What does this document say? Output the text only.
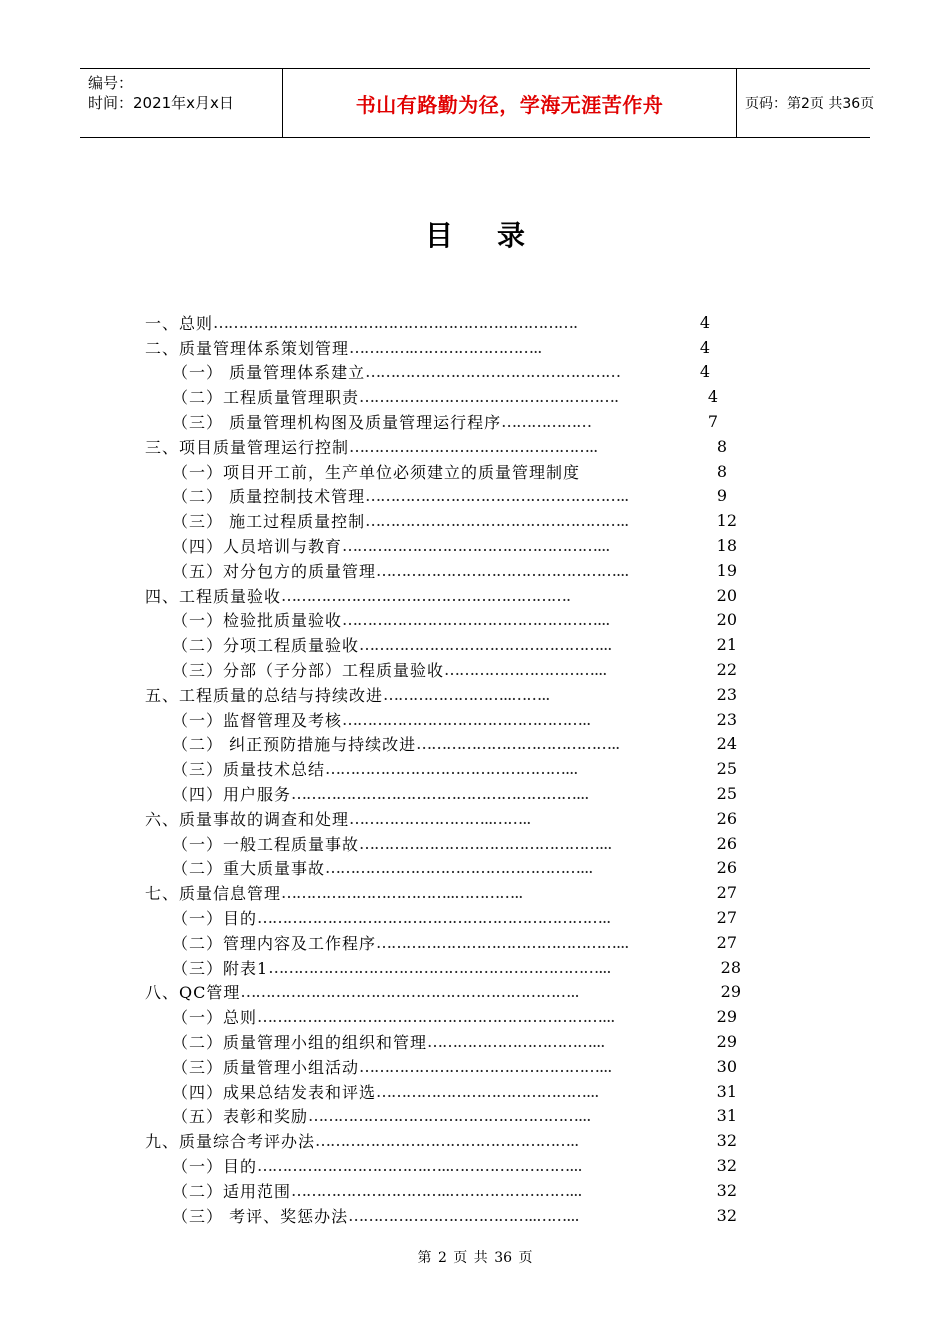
编号：
时间：2021年x月x日	书山有路勤为径，学海无涯苦作舟	页码：第2页 共36页
目 录
一、总则 ……………………………………………………………….	4
二、质量管理体系策划管理 ………….……………………..	4
（一） 质量管理体系建立 ……………………………………………	4
（二）工程质量管理职责 …………………………………………….	4
（三） 质量管理机构图及质量管理运行程序 ………………	7
三、项目质量管理运行控制 …………………………………………..	8
（一）项目开工前，生产单位必须建立的质量管理制度	8
（二） 质量控制技术管理 ……………………………………………..	9
（三） 施工过程质量控制 ……………………………………………..	12
（四）人员培训与教育 ……………………………………………...	18
（五）对分包方的质量管理 …………………………………………...	19
四、工程质量验收 ………………………………………………….	20
（一）检验批质量验收 ……………………………………………...	20
（二）分项工程质量验收 …………………………………………...	21
（三）分部（子分部）工程质量验收 …………………………...	22
五、工程质量的总结与持续改进 ……………………..……..	23
（一）监督管理及考核 …………………………………………..	23
（二） 纠正预防措施与持续改进 …………………………………..	24
（三）质量技术总结 …………………………………………...	25
（四）用户服务 …………………………………………………...	25
六、质量事故的调查和处理 ………………………..……..	26
（一）一般工程质量事故 …………………………………………...	26
（二）重大质量事故 ……………………………………………...	26
七、质量信息管理 ……………………………..…………..	27
（一）目的 ……………………………………………………………..	27
（二）管理内容及工作程序 …………………………………………...	27
（三）附表1 …………………………………………………………...	28
八、QC管理 …………………………………………………………..	29
（一）总则 ……………………………………………………………...	29
（二）质量管理小组的组织和管理 ……………………………...	29
（三）质量管理小组活动 …………………………………………...	30
（四）成果总结发表和评选 ……………………………………...	31
（五）表彰和奖励 ………………………………………………...	31
九、质量综合考评办法 ……………………………………………..	32
（一）目的 …………………………….…..……………………...	32
（二）适用范围 …………………………..……………………...	32
（三） 考评、奖惩办法 ………………………………..……...	32
第 2 页 共 36 页
